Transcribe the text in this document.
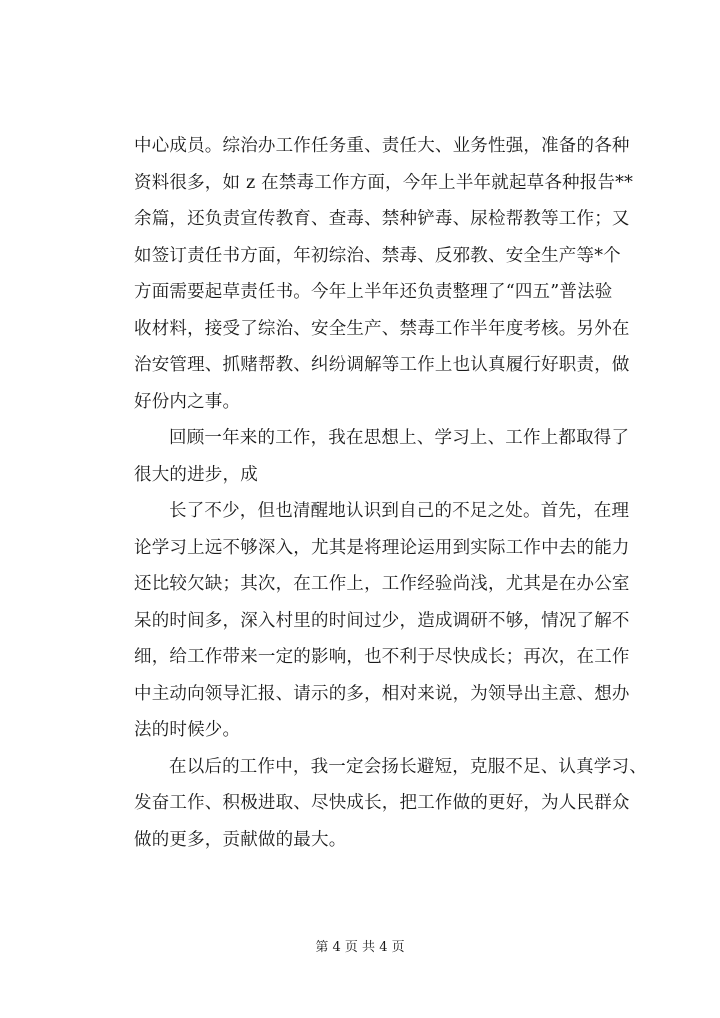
中心成员。综治办工作任务重、责任大、业务性强，准备的各种
资料很多，如 z 在禁毒工作方面，今年上半年就起草各种报告**
余篇，还负责宣传教育、查毒、禁种铲毒、尿检帮教等工作；又
如签订责任书方面，年初综治、禁毒、反邪教、安全生产等*个
方面需要起草责任书。今年上半年还负责整理了“四五”普法验
收材料，接受了综治、安全生产、禁毒工作半年度考核。另外在
治安管理、抓赌帮教、纠纷调解等工作上也认真履行好职责，做
好份内之事。
回顾一年来的工作，我在思想上、学习上、工作上都取得了
很大的进步，成
长了不少，但也清醒地认识到自己的不足之处。首先，在理
论学习上远不够深入，尤其是将理论运用到实际工作中去的能力
还比较欠缺；其次，在工作上，工作经验尚浅，尤其是在办公室
呆的时间多，深入村里的时间过少，造成调研不够，情况了解不
细，给工作带来一定的影响，也不利于尽快成长；再次，在工作
中主动向领导汇报、请示的多，相对来说，为领导出主意、想办
法的时候少。
在以后的工作中，我一定会扬长避短，克服不足、认真学习、
发奋工作、积极进取、尽快成长，把工作做的更好，为人民群众
做的更多，贡献做的最大。
第 4 页 共 4 页
